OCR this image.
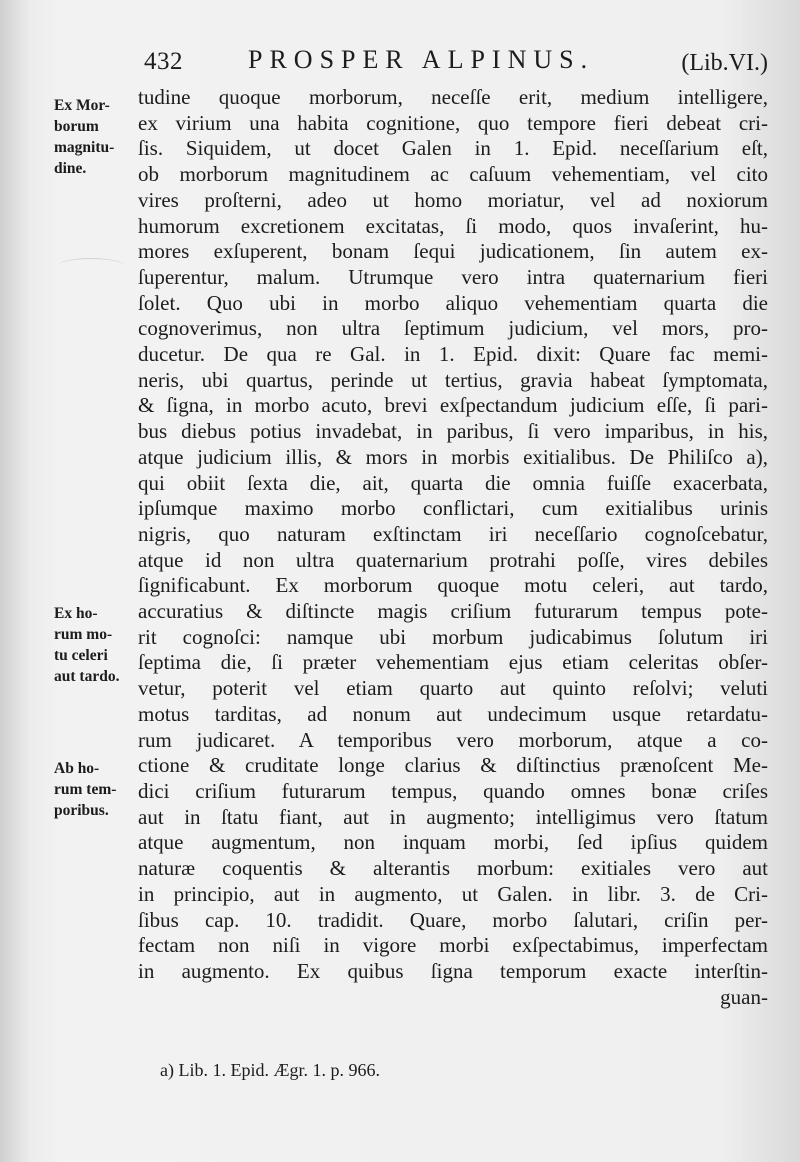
432	PROSPER ALPINUS.	(Lib.VI.)
Ex Mor-
borum
magnitu-
dine.
Ex ho-
rum mo-
tu celeri
aut tardo.
Ab ho-
rum tem-
poribus.
tudine quoque morborum, neceſſe erit, medium intelligere,
ex virium una habita cognitione, quo tempore fieri debeat cri-
ſis. Siquidem, ut docet Galen in 1. Epid. neceſſarium eſt,
ob morborum magnitudinem ac caſuum vehementiam, vel cito
vires proſterni, adeo ut homo moriatur, vel ad noxiorum
humorum excretionem excitatas, ſi modo, quos invaſerint, hu-
mores exſuperent, bonam ſequi judicationem, ſin autem ex-
ſuperentur, malum. Utrumque vero intra quaternarium fieri
ſolet. Quo ubi in morbo aliquo vehementiam quarta die
cognoverimus, non ultra ſeptimum judicium, vel mors, pro-
ducetur. De qua re Gal. in 1. Epid. dixit: Quare fac memi-
neris, ubi quartus, perinde ut tertius, gravia habeat ſymptomata,
& ſigna, in morbo acuto, brevi exſpectandum judicium eſſe, ſi pari-
bus diebus potius invadebat, in paribus, ſi vero imparibus, in his,
atque judicium illis, & mors in morbis exitialibus. De Philiſco a),
qui obiit ſexta die, ait, quarta die omnia fuiſſe exacerbata,
ipſumque maximo morbo conflictari, cum exitialibus urinis
nigris, quo naturam exſtinctam iri neceſſario cognoſcebatur,
atque id non ultra quaternarium protrahi poſſe, vires debiles
ſignificabunt. Ex morborum quoque motu celeri, aut tardo,
accuratius & diſtincte magis criſium futurarum tempus pote-
rit cognoſci: namque ubi morbum judicabimus ſolutum iri
ſeptima die, ſi præter vehementiam ejus etiam celeritas obſer-
vetur, poterit vel etiam quarto aut quinto reſolvi; veluti
motus tarditas, ad nonum aut undecimum usque retardatu-
rum judicaret. A temporibus vero morborum, atque a co-
ctione & cruditate longe clarius & diſtinctius prænoſcent Me-
dici criſium futurarum tempus, quando omnes bonæ criſes
aut in ſtatu fiant, aut in augmento; intelligimus vero ſtatum
atque augmentum, non inquam morbi, ſed ipſius quidem
naturæ coquentis & alterantis morbum: exitiales vero aut
in principio, aut in augmento, ut Galen. in libr. 3. de Cri-
ſibus cap. 10. tradidit. Quare, morbo ſalutari, criſin per-
fectam non niſi in vigore morbi exſpectabimus, imperfectam
in augmento. Ex quibus ſigna temporum exacte interſtin-
guan-
a) Lib. 1. Epid. Ægr. 1. p. 966.
